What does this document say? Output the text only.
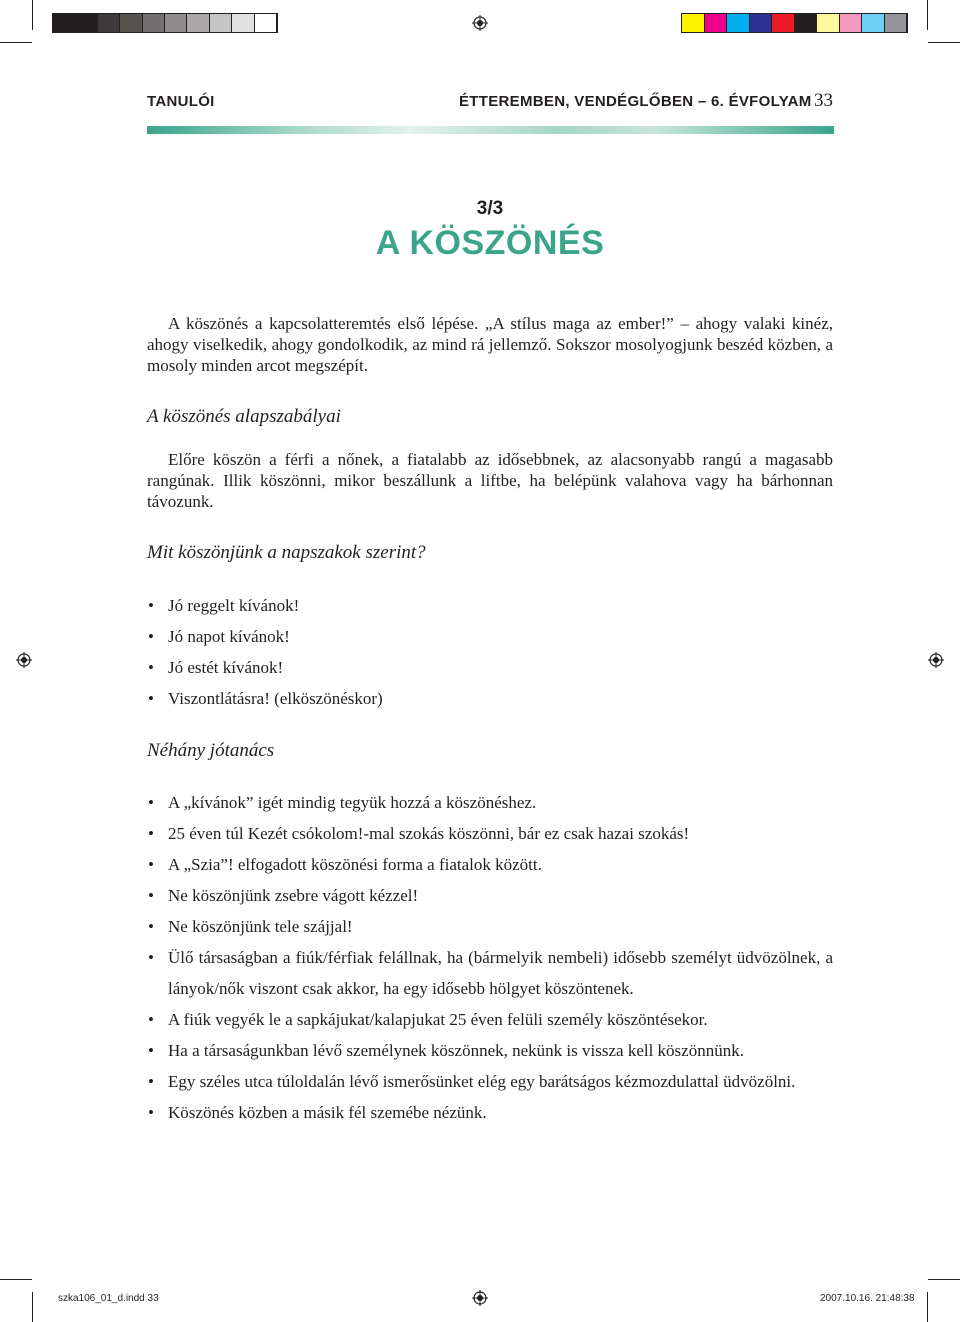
TANULÓI	ÉTTEREMBEN, VENDÉGLŐBEN – 6. ÉVFOLYAM 33
3/3
A KÖSZÖNÉS

A köszönés a kapcsolatteremtés első lépése. „A stílus maga az ember!” – ahogy valaki kinéz, ahogy viselkedik, ahogy gondolkodik, az mind rá jellemző. Sokszor mosolyogjunk beszéd közben, a mosoly minden arcot megszépít.

A köszönés alapszabályai

Előre köszön a férfi a nőnek, a fiatalabb az idősebbnek, az alacsonyabb rangú a magasabb rangúnak. Illik köszönni, mikor beszállunk a liftbe, ha belépünk valahova vagy ha bárhonnan távozunk.

Mit köszönjünk a napszakok szerint?
• Jó reggelt kívánok!
• Jó napot kívánok!
• Jó estét kívánok!
• Viszontlátásra! (elköszönéskor)
Néhány jótanács
• A „kívánok” igét mindig tegyük hozzá a köszönéshez.
• 25 éven túl Kezét csókolom!-mal szokás köszönni, bár ez csak hazai szokás!
• A „Szia”! elfogadott köszönési forma a fiatalok között.
• Ne köszönjünk zsebre vágott kézzel!
• Ne köszönjünk tele szájjal!
• Ülő társaságban a fiúk/férfiak felállnak, ha (bármelyik nembeli) idősebb személyt üdvözölnek, a lányok/nők viszont csak akkor, ha egy idősebb hölgyet köszöntenek.
• A fiúk vegyék le a sapkájukat/kalapjukat 25 éven felüli személy köszöntésekor.
• Ha a társaságunkban lévő személynek köszönnek, nekünk is vissza kell köszönnünk.
• Egy széles utca túloldalán lévő ismerősünket elég egy barátságos kézmozdulattal üdvözölni.
• Köszönés közben a másik fél szemébe nézünk.
szka106_01_d.indd 33	2007.10.16. 21:48:38
